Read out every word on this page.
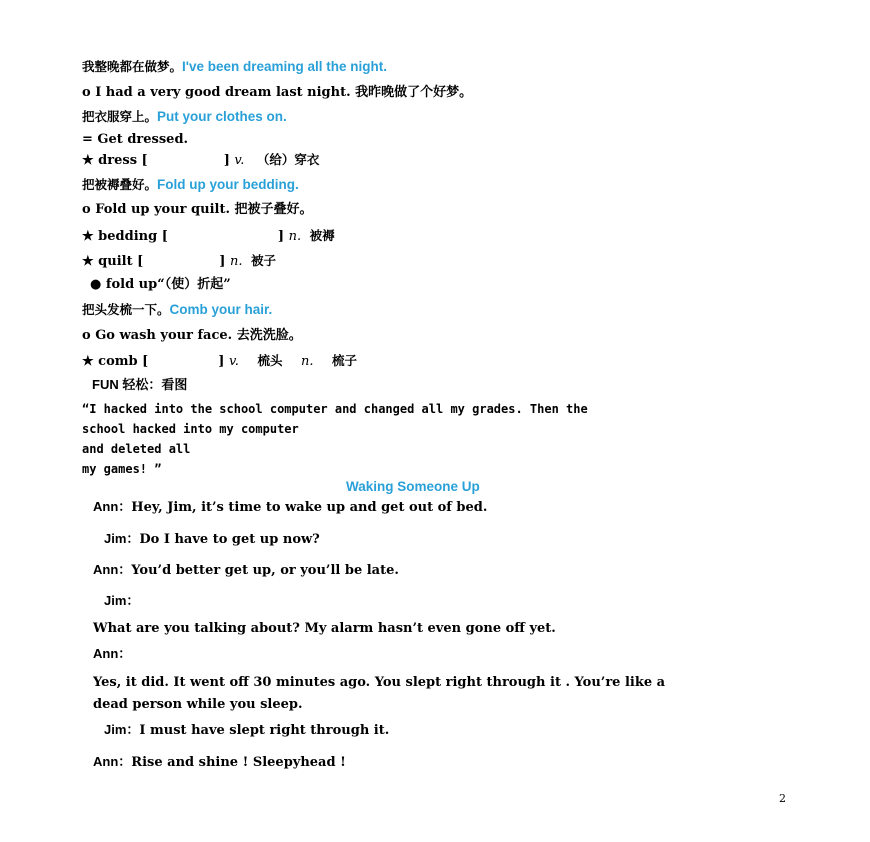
我整晚都在做梦。I've been dreaming all the night.
o I had a very good dream last night. 我昨晚做了个好梦。
把衣服穿上。Put your clothes on.
= Get dressed.
★ dress [	] v. （给）穿衣
把被褥叠好。Fold up your bedding.
o Fold up your quilt. 把被子叠好。
★ bedding [	] n. 被褥
★ quilt [	] n. 被子
● fold up“（使）折起”
把头发梳一下。Comb your hair.
o Go wash your face. 去洗洗脸。
★ comb [	] v. 梳头 n. 梳子
FUN 轻松：看图
“I hacked into the school computer and changed all my grades. Then the
school hacked into my computer
and deleted all
my games! ”
Waking Someone Up
Ann：Hey, Jim, it’s time to wake up and get out of bed.
Jim：Do I have to get up now?
Ann：You’d better get up, or you’ll be late.
Jim：
What are you talking about? My alarm hasn’t even gone off yet.
Ann：
Yes, it did. It went off 30 minutes ago. You slept right through it . You’re like a
dead person while you sleep.
Jim：I must have slept right through it.
Ann：Rise and shine ! Sleepyhead !
2
